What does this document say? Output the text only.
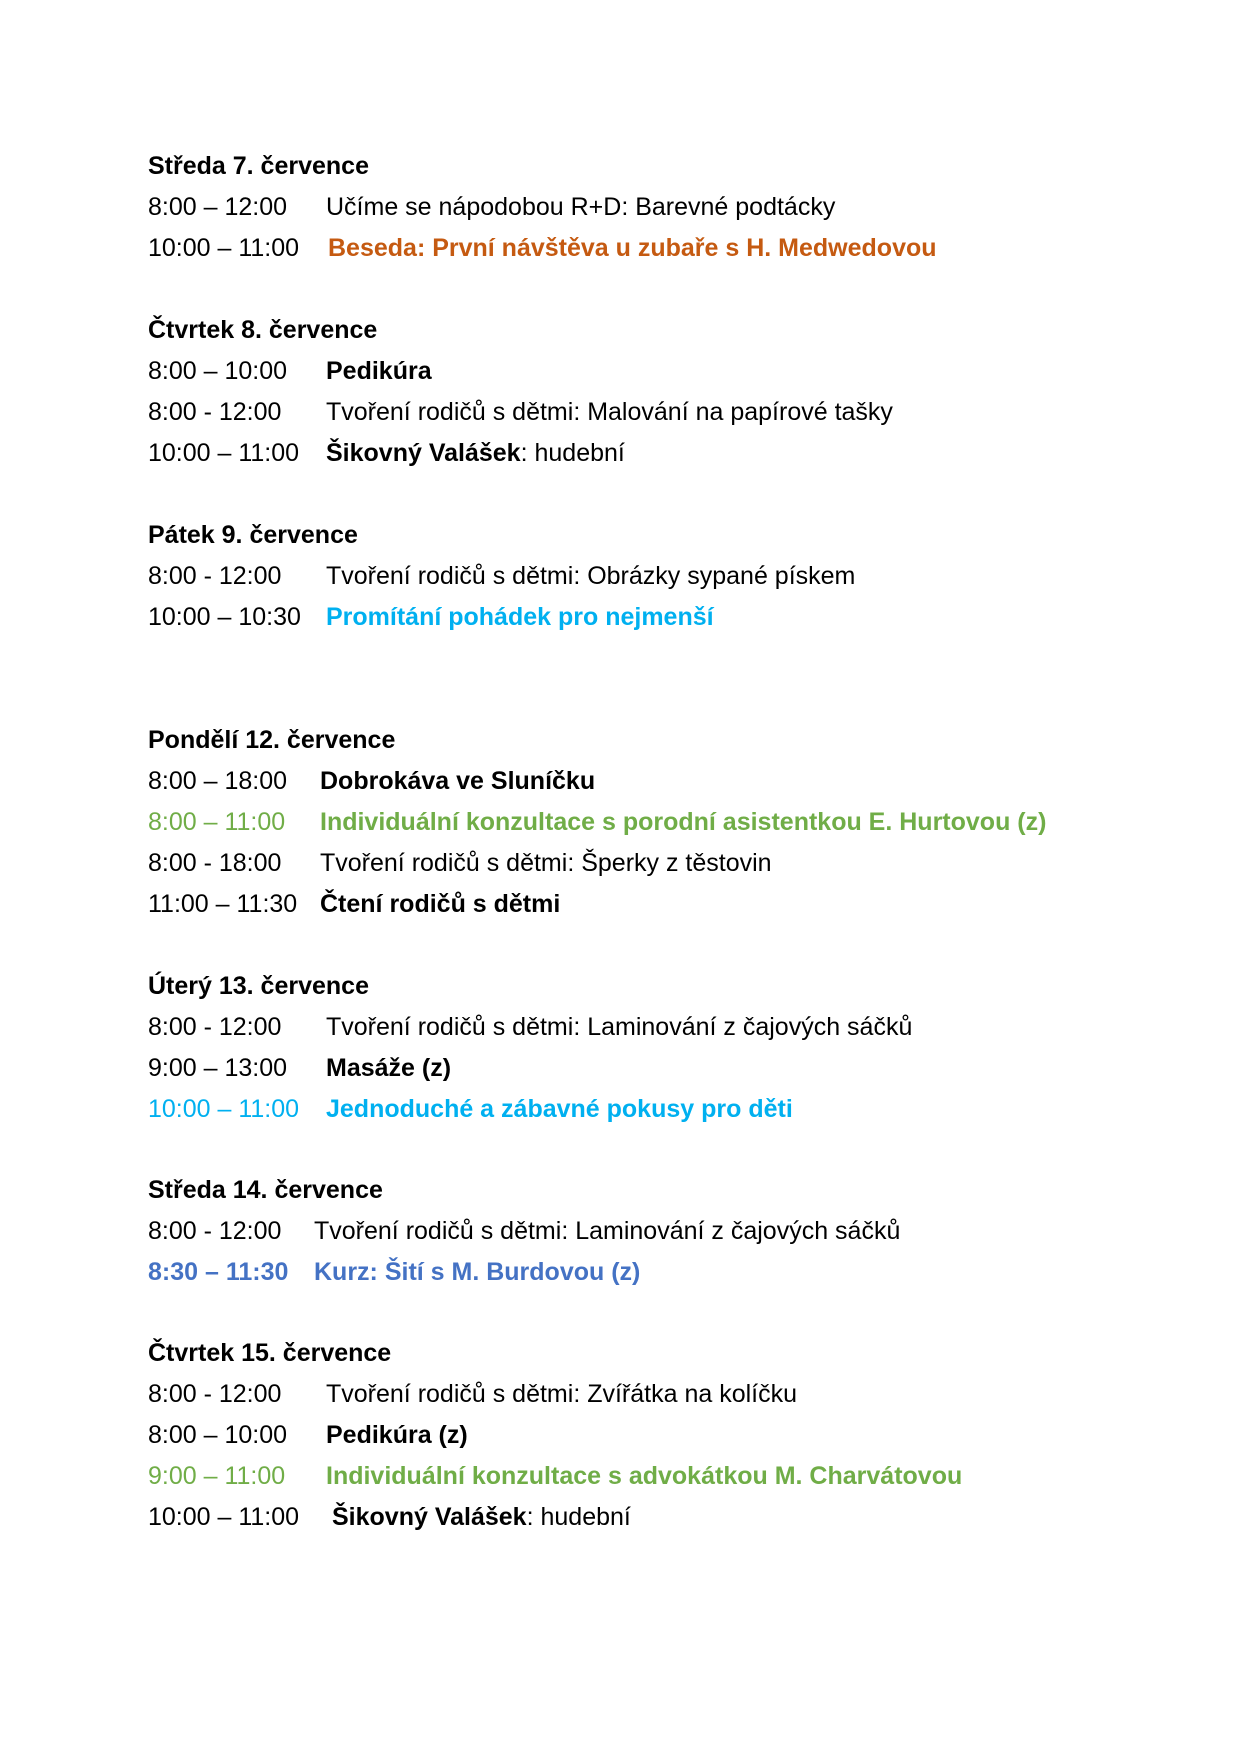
Středa 7. července
8:00 – 12:00 Učíme se nápodobou R+D: Barevné podtácky
10:00 – 11:00 Beseda: První návštěva u zubaře s H. Medwedovou
Čtvrtek 8. července
8:00 – 10:00 Pedikúra
8:00 - 12:00 Tvoření rodičů s dětmi: Malování na papírové tašky
10:00 – 11:00 Šikovný Valášek: hudební
Pátek 9. července
8:00 - 12:00 Tvoření rodičů s dětmi: Obrázky sypané pískem
10:00 – 10:30 Promítání pohádek pro nejmenší
Pondělí 12. července
8:00 – 18:00 Dobrokáva ve Sluníčku
8:00 – 11:00 Individuální konzultace s porodní asistentkou E. Hurtovou (z)
8:00 - 18:00 Tvoření rodičů s dětmi: Šperky z těstovin
11:00 – 11:30 Čtení rodičů s dětmi
Úterý 13. července
8:00 - 12:00 Tvoření rodičů s dětmi: Laminování z čajových sáčků
9:00 – 13:00 Masáže (z)
10:00 – 11:00 Jednoduché a zábavné pokusy pro děti
Středa 14. července
8:00 - 12:00 Tvoření rodičů s dětmi: Laminování z čajových sáčků
8:30 – 11:30 Kurz: Šití s M. Burdovou (z)
Čtvrtek 15. července
8:00 - 12:00 Tvoření rodičů s dětmi: Zvířátka na kolíčku
8:00 – 10:00 Pedikúra (z)
9:00 – 11:00 Individuální konzultace s advokátkou M. Charvátovou
10:00 – 11:00 Šikovný Valášek: hudební
